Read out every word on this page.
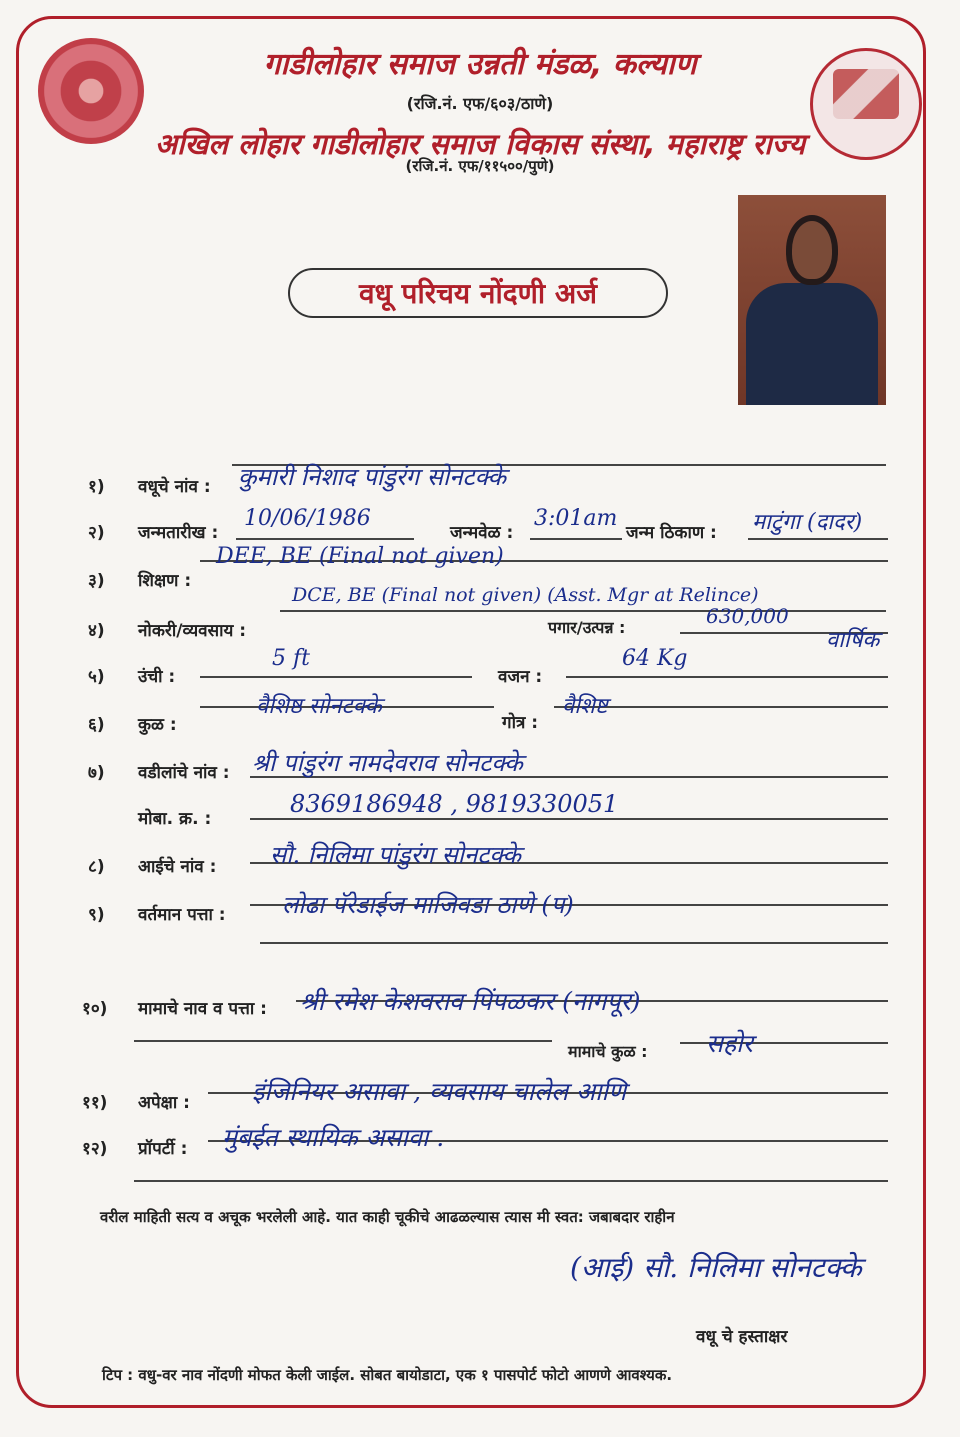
गाडीलोहार समाज उन्नती मंडळ, कल्याण
(रजि.नं. एफ/६०३/ठाणे)
अखिल लोहार गाडीलोहार समाज विकास संस्था, महाराष्ट्र राज्य
(रजि.नं. एफ/११५००/पुणे)
वधू परिचय नोंदणी अर्ज
१) वधूचे नांव : कुमारी निशाद पांडुरंग सोनटक्के
२) जन्मतारीख :
10/06/1986
जन्मवेळ :
3:01am
जन्म ठिकाण : माटुंगा (दादर)
३) शिक्षण :
DEE, BE (Final not given)
४) नोकरी/व्यवसाय :
DCE, BE (Final not given) (Asst. Mgr at Relince)
पगार/उत्पन्न :	630,000
वार्षिक
५) उंची :
5 ft
वजन :
64 Kg
६) कुळ :
वैशिष्ठ सोनटक्के
गोत्र :
वैशिष्ट
७) वडीलांचे नांव : श्री पांडुरंग नामदेवराव सोनटक्के
मोबा. क्र. :
8369186948 , 9819330051
८) आईचे नांव : सौ. निलिमा पांडुरंग सोनटक्के
९) वर्तमान पत्ता : लोढा पॅरेडाईज माजिवडा ठाणे (प)
१०) मामाचे नाव व पत्ता : श्री रमेश केशवराव पिंपळकर (नागपूर)
मामाचे कुळ : सहोर
११) अपेक्षा : इंजिनियर असावा , व्यवसाय चालेल आणि
१२) प्रॉपर्टी : मुंबईत स्थायिक असावा .
वरील माहिती सत्य व अचूक भरलेली आहे. यात काही चूकीचे आढळल्यास त्यास मी स्वत: जबाबदार राहीन
(आई) सौ. निलिमा सोनटक्के
वधू चे हस्ताक्षर
टिप : वधु-वर नाव नोंदणी मोफत केली जाईल. सोबत बायोडाटा, एक १ पासपोर्ट फोटो आणणे आवश्यक.
